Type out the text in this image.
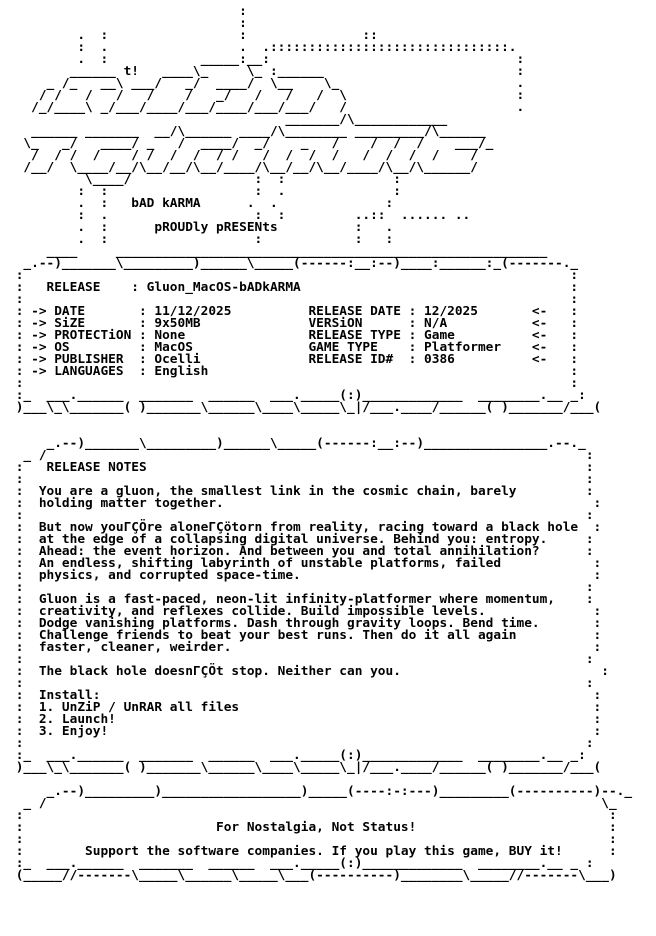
:
:
.  :                 :               ::
:  .                 .  .:::::::::::::::::::::::::::::::.
.  :            _____:__:                                :
______ t!   ____\_     \_ :______                         :
_ /_   __\ ___/   _/  ____/  \__    \_                       .
/ /   /   /   /    /   _/   /   /   /  \                      :
/_/____\ _/___/____/___/____/___/___/   /                      .
_______/\____________
______ _______  __/\______ ____/\________ _________/\______
\_   _/   ____/ _   /  ____/  _/    _   /    /  /  /    ___/_
/  / /  /    / /  /  /  / /   /  /  /  /   /  /  /  /    /
/__/  \____/__/\__/__/\__/____/\__/__/\__/____/\__/\______/
\____/                :  :              :
:  :                   :  .              :
.  :   bAD kARMA      .  .              :
:  .                   :  :         ..::  ...... ..
.  :      pROUDly pRESENts          :   .
.  :                   :            :   :
____     ________________________________________________________
_.--)_______\_________)______\_____(------:__:--)____:______:_(-------._
:                                                                       :
:   RELEASE    : Gluon_MacOS-bADkARMA                                   :
:                                                                       :
: -> DATE       : 11/12/2025          RELEASE DATE : 12/2025       <-   :
: -> SiZE       : 9x50MB              VERSiON      : N/A           <-   :
: -> PROTECTiON : None                RELEASE TYPE : Game          <-   :
: -> OS         : MacOS               GAME TYPE    : Platformer    <-   :
: -> PUBLISHER  : Ocelli              RELEASE ID#  : 0386          <-   :
: -> LANGUAGES  : English                                               :
:                                                                       :
:_  ___.______  _______  ______  ___._____(:)_____________  ________.__ _:
)___\_\_______( )_______\______\____\_____\_|/___.____/______( )_______/___(

_.--)_______\_________)______\_____(------:__:--)________________.--._
_ /                                                                      :
:   RELEASE NOTES                                                         :
:                                                                         :
:  You are a gluon, the smallest link in the cosmic chain, barely         :
:  holding matter together.                                                :
:                                                                         :
:  But now youΓÇÖre aloneΓÇötorn from reality, racing toward a black hole  :
:  at the edge of a collapsing digital universe. Behind you: entropy.     :
:  Ahead: the event horizon. And between you and total annihilation?      :
:  An endless, shifting labyrinth of unstable platforms, failed            :
:  physics, and corrupted space-time.                                      :
:                                                                         :
:  Gluon is a fast-paced, neon-lit infinity-platformer where momentum,    :
:  creativity, and reflexes collide. Build impossible levels.              :
:  Dodge vanishing platforms. Dash through gravity loops. Bend time.       :
:  Challenge friends to beat your best runs. Then do it all again          :
:  faster, cleaner, weirder.                                               :
:                                                                         :
:  The black hole doesnΓÇÖt stop. Neither can you.                          :
:                                                                         :
:  Install:                                                                :
:  1. UnZiP / UnRAR all files                                              :
:  2. Launch!                                                              :
:  3. Enjoy!                                                               :
:                                                                         :
:_  ___.______  _______  ______  ___._____(:)_____________  ________.__ _:
)___\_\_______( )_______\______\____\_____\_|/___.____/______( )_______/___(

_.--)_________)__________________)_____(----:-:---)_________(----------)--._
_ /                                                                        \_
:                                                                            :
:                         For Nostalgia, Not Status!                         :
:                                                                            :
:        Support the software companies. If you play this game, BUY it!      :
:_  ___.______  _______  ______  ___._____(:)_____________  ________.__ _ :
(_____//-------\_____\______\_____\___(----------)________\_____//-------\___)
